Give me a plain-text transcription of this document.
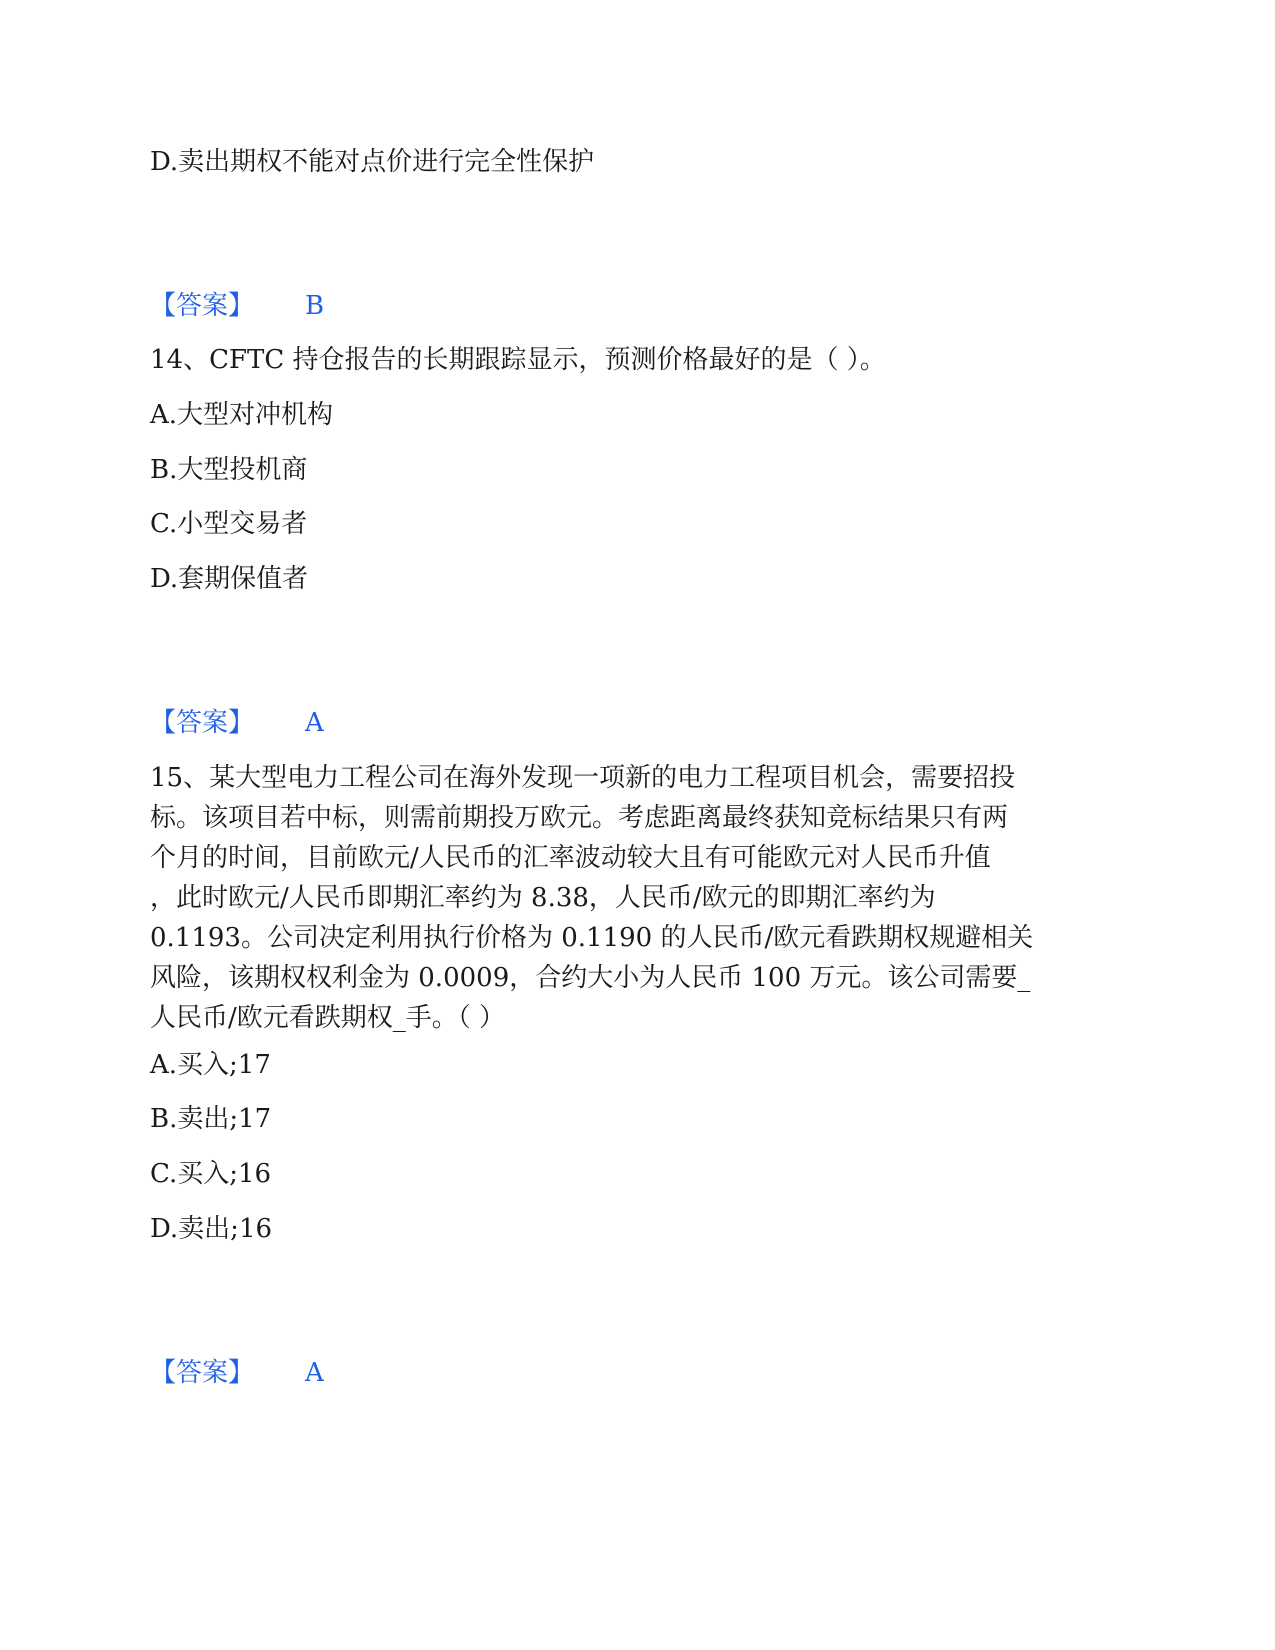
D.卖出期权不能对点价进行完全性保护
【答案】 B
14、CFTC 持仓报告的长期跟踪显示，预测价格最好的是（ ）。
A.大型对冲机构
B.大型投机商
C.小型交易者
D.套期保值者
【答案】 A

15、某大型电力工程公司在海外发现一项新的电力工程项目机会，需要招投

标。该项目若中标，则需前期投万欧元。考虑距离最终获知竞标结果只有两

个月的时间，目前欧元/人民币的汇率波动较大且有可能欧元对人民币升值

，此时欧元/人民币即期汇率约为 8.38，人民币/欧元的即期汇率约为

0.1193。公司决定利用执行价格为 0.1190 的人民币/欧元看跌期权规避相关

风险，该期权权利金为 0.0009，合约大小为人民币 100 万元。该公司需要_

人民币/欧元看跌期权_手。（ ）

A.买入;17
B.卖出;17
C.买入;16
D.卖出;16
【答案】 A
